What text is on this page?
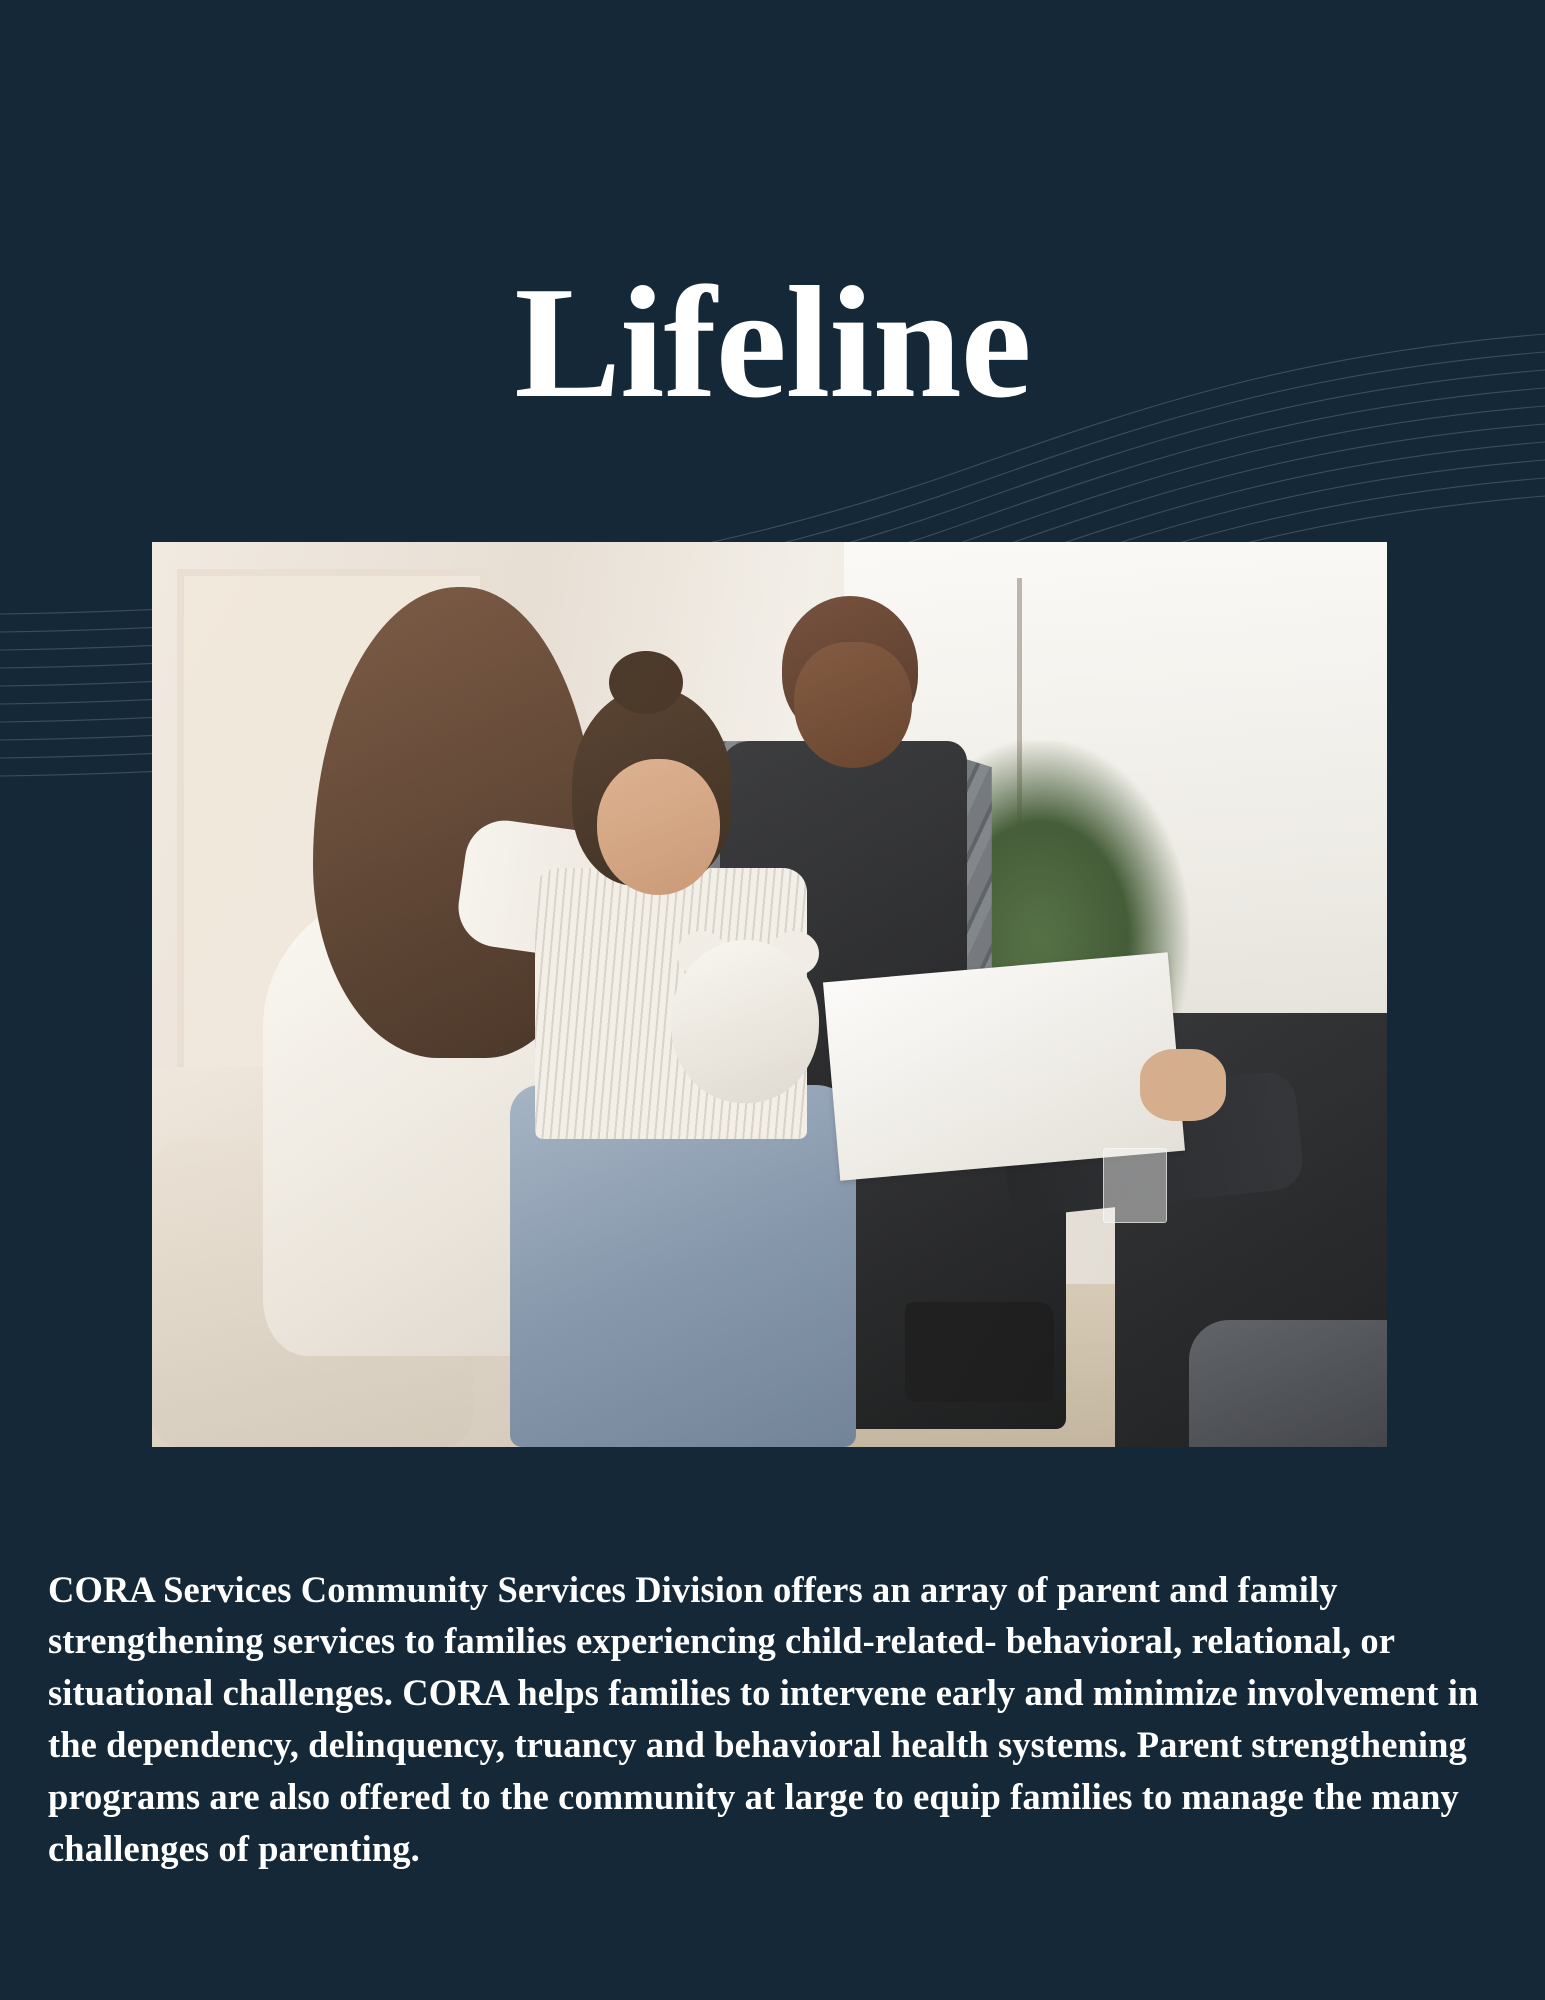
Lifeline

CORA Services Community Services Division offers an array of parent and family strengthening services to families experiencing child-related- behavioral, relational, or situational challenges. CORA helps families to intervene early and minimize involvement in the dependency, delinquency, truancy and behavioral health systems. Parent strengthening programs are also offered to the community at large to equip families to manage the many challenges of parenting.
